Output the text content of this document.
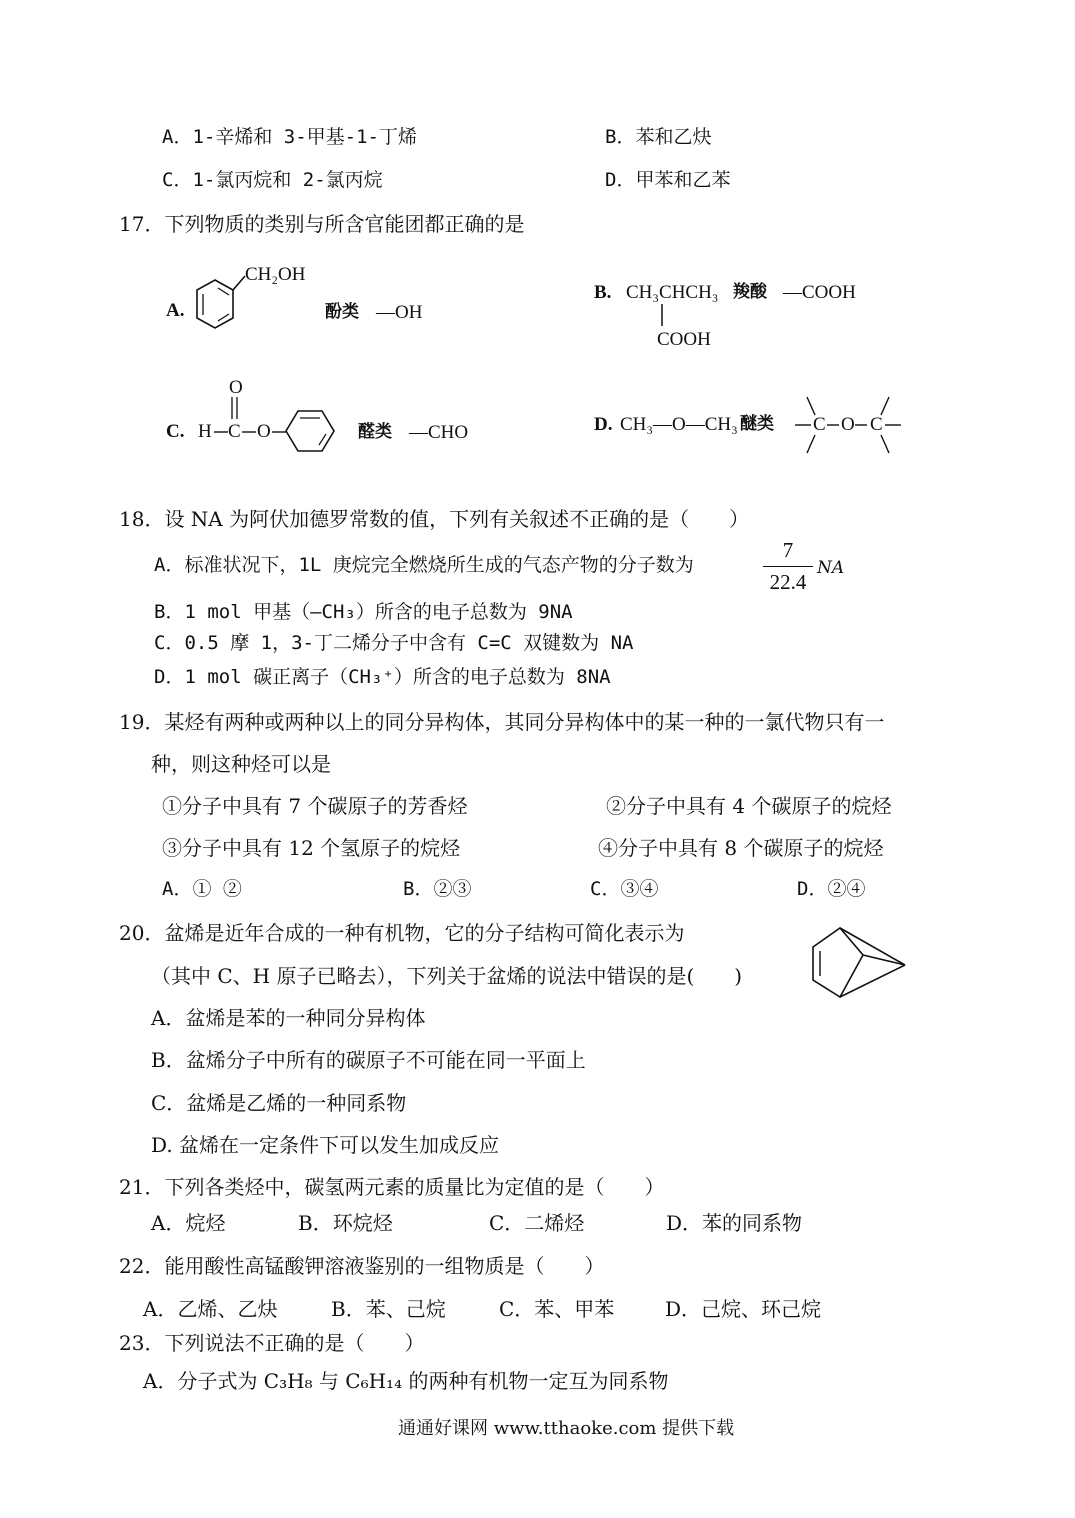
A．1-辛烯和 3-甲基-1-丁烯	B．苯和乙炔
C．1-氯丙烷和 2-氯丙烷	D．甲苯和乙苯
17．下列物质的类别与所含官能团都正确的是
A.
CH₂OH
酚类 —OH
B. CH₃CHCH₃
COOH
羧酸 —COOH
C.
O
H C O	醛类 —CHO	D. CH₃—O—CH₃ 醚类 C O C
18．设 NA 为阿伏加德罗常数的值，下列有关叙述不正确的是（　　）
A．标准状况下，1L 庚烷完全燃烧所生成的气态产物的分子数为	$\frac{7}{22.4}$ NA
B．1 mol 甲基（—CH₃）所含的电子总数为 9NA
C．0.5 摩 1，3-丁二烯分子中含有 C=C 双键数为 NA
D．1 mol 碳正离子（CH₃⁺）所含的电子总数为 8NA
19．某烃有两种或两种以上的同分异构体，其同分异构体中的某一种的一氯代物只有一
种，则这种烃可以是
①分子中具有 7 个碳原子的芳香烃	②分子中具有 4 个碳原子的烷烃
③分子中具有 12 个氢原子的烷烃	④分子中具有 8 个碳原子的烷烃
A．① ②	B．②③	C．③④	D．②④
20．盆烯是近年合成的一种有机物，它的分子结构可简化表示为
（其中 C、H 原子已略去），下列关于盆烯的说法中错误的是(　　)
A．盆烯是苯的一种同分异构体
B．盆烯分子中所有的碳原子不可能在同一平面上
C．盆烯是乙烯的一种同系物
D. 盆烯在一定条件下可以发生加成反应
21．下列各类烃中，碳氢两元素的质量比为定值的是（　　）
A．烷烃	B．环烷烃	C．二烯烃	D．苯的同系物
22．能用酸性高锰酸钾溶液鉴别的一组物质是（　　）
A．乙烯、乙炔	B．苯、己烷	C．苯、甲苯	D．己烷、环己烷
23．下列说法不正确的是（　　）
A．分子式为 C₃H₈ 与 C₆H₁₄ 的两种有机物一定互为同系物
通通好课网 www.tthaoke.com 提供下载
